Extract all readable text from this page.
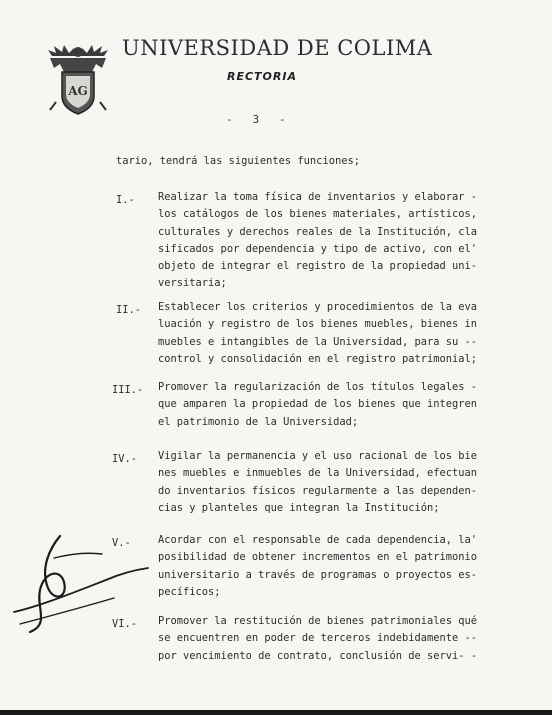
AG
UNIVERSIDAD DE COLIMA
RECTORIA
-   3   -
tario, tendrá las siguientes funciones;
I.- Realizar la toma física de inventarios y elaborar -
los catálogos de los bienes materiales, artísticos,
culturales y derechos reales de la Institución, cla
sificados por dependencia y tipo de activo, con el'
objeto de integrar el registro de la propiedad uni-
versitaria;
II.- Establecer los criterios y procedimientos de la eva
luación y registro de los bienes muebles, bienes in
muebles e intangibles de la Universidad, para su --
control y consolidación en el registro patrimonial;
III.- Promover la regularización de los títulos legales -
que amparen la propiedad de los bienes que integren
el patrimonio de la Universidad;
IV.- Vigilar la permanencia y el uso racional de los bie
nes muebles e inmuebles de la Universidad, efectuan
do inventarios físicos regularmente a las dependen-
cias y planteles que integran la Institución;
V.-	Acordar con el responsable de cada dependencia, la'
posibilidad de obtener incrementos en el patrimonio
universitario a través de programas o proyectos es-
pecíficos;
VI.- Promover la restitución de bienes patrimoniales qué
se encuentren en poder de terceros indebidamente --
por vencimiento de contrato, conclusión de servi- -
